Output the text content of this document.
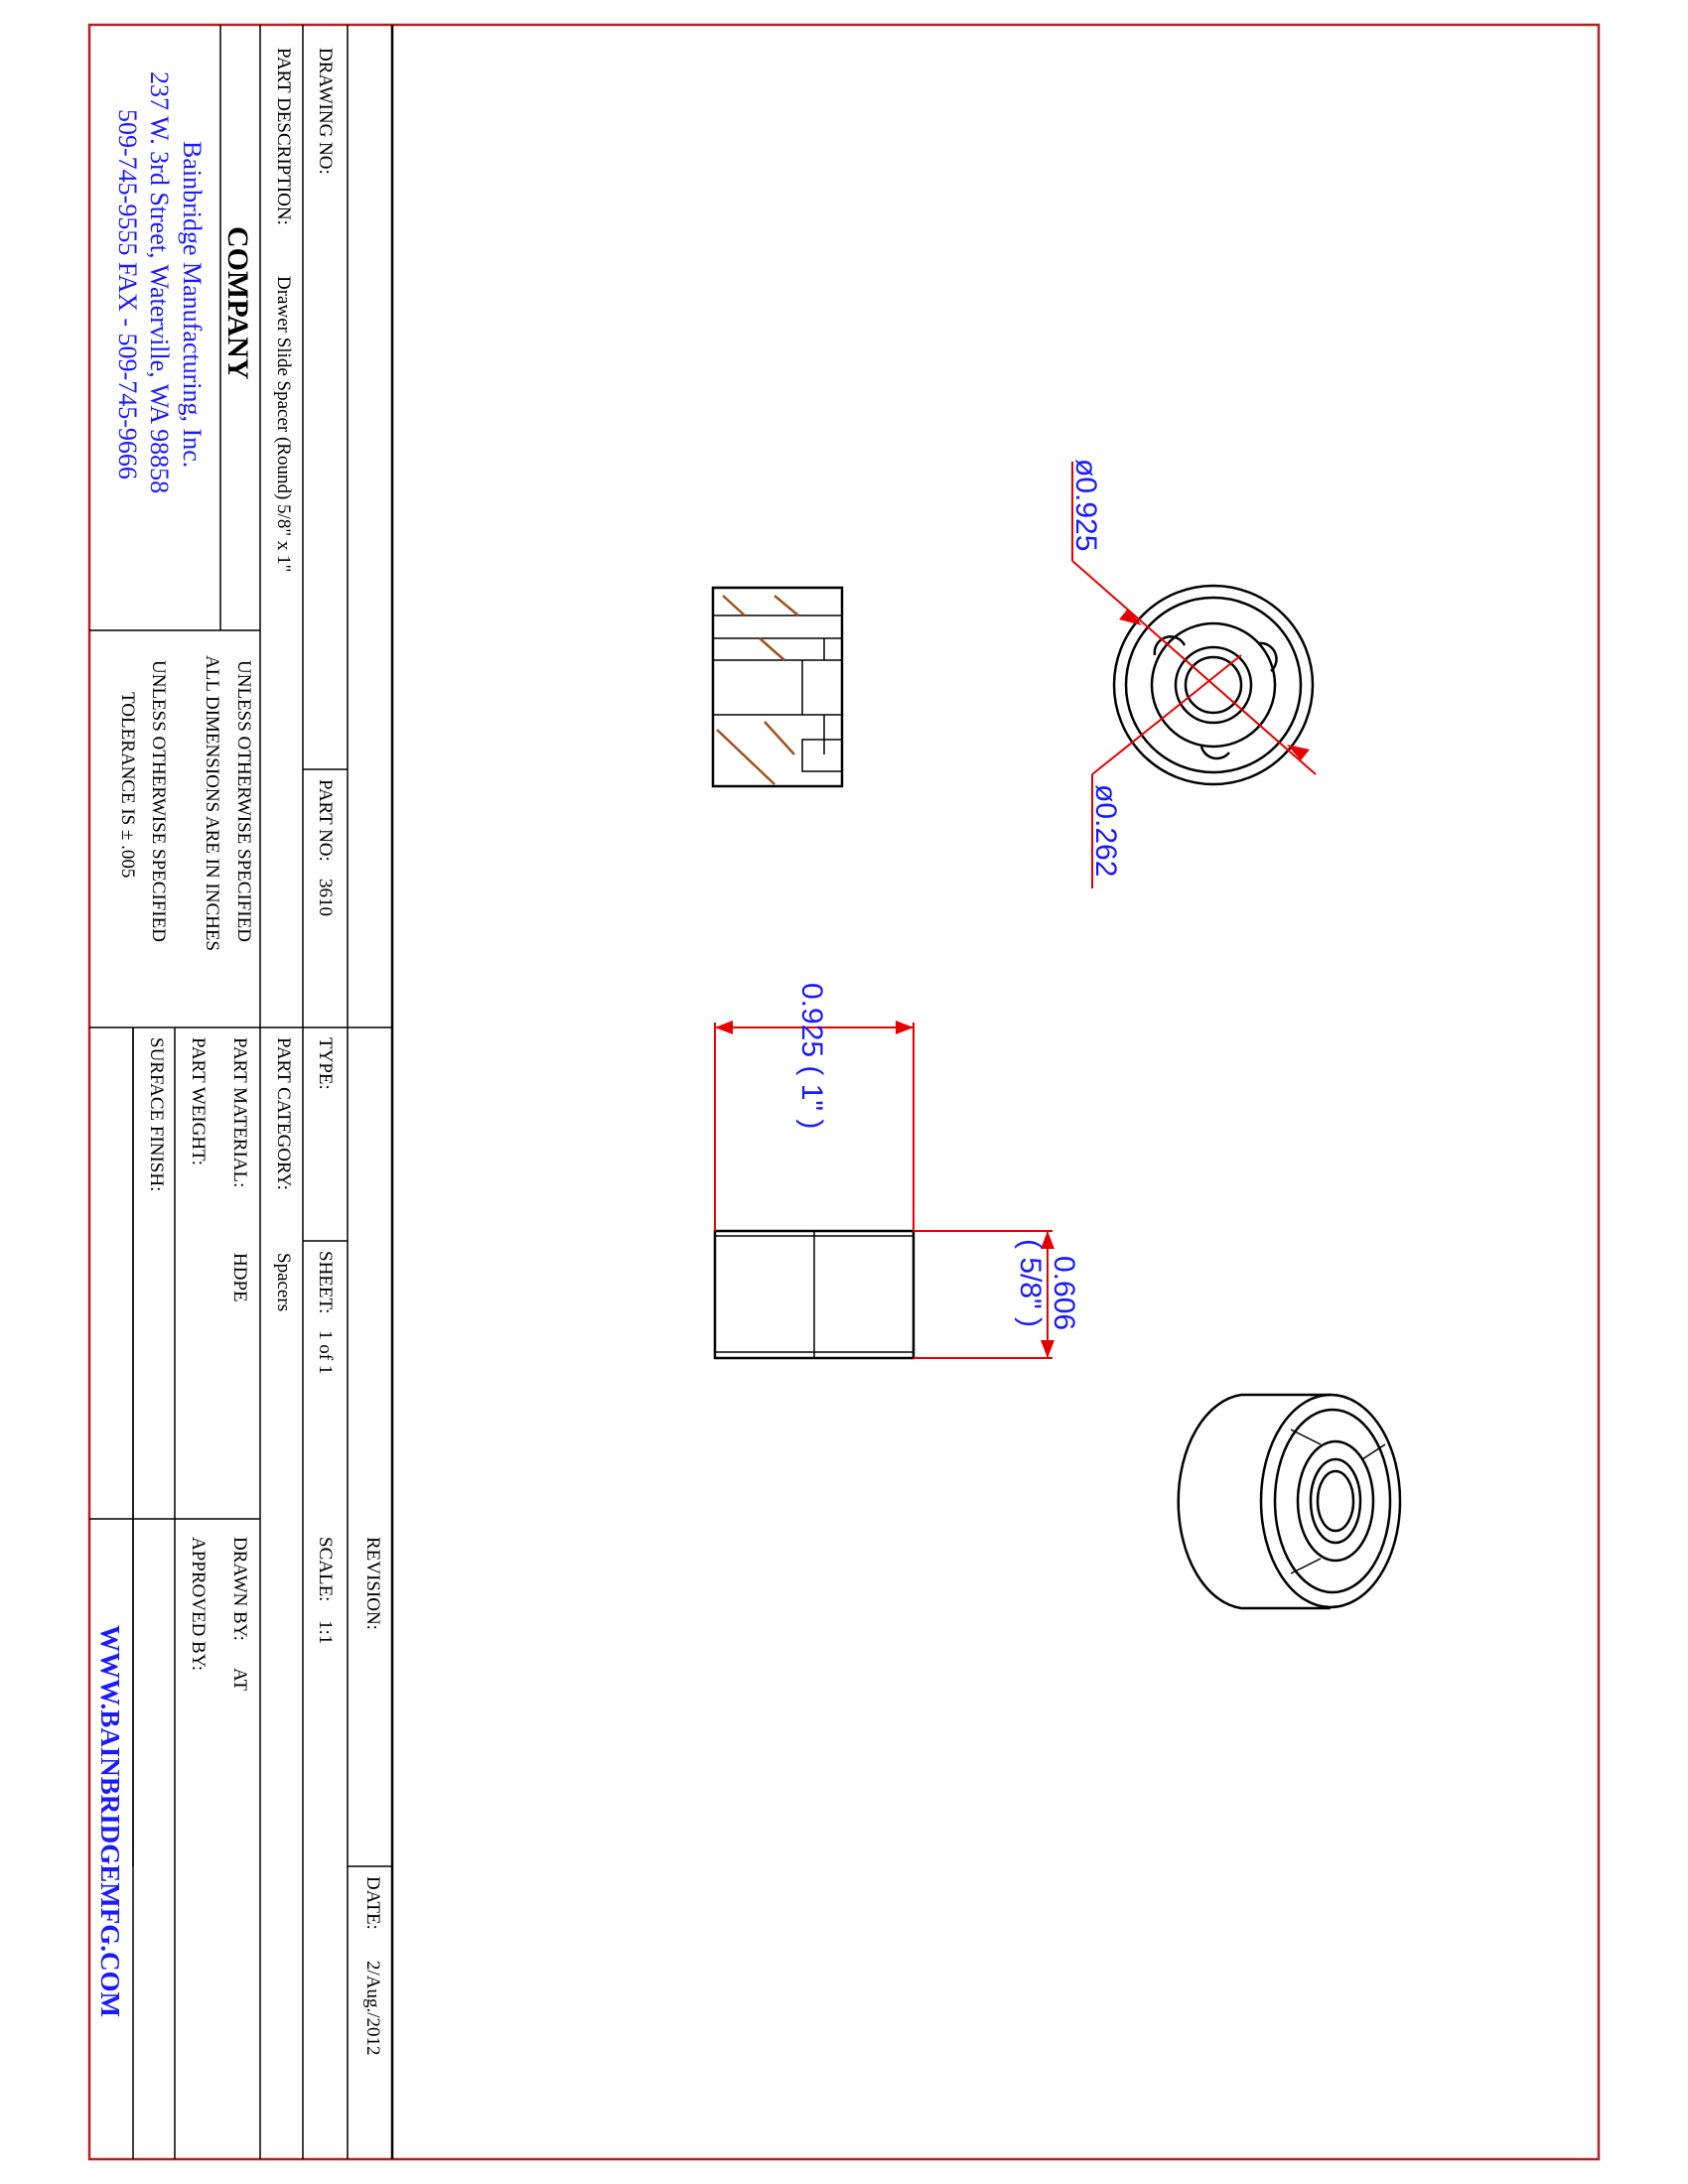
DRAWING NO:
PART DESCRIPTION:
Drawer Slide Spacer (Round) 5/8" x 1"
COMPANY
Bainbridge Manufacturing, Inc.
237 W. 3rd Street, Waterville, WA 98858
509-745-9555 FAX - 509-745-9666
PART NO:
3610
UNLESS OTHERWISE SPECIFIED
ALL DIMENSIONS ARE IN INCHES
UNLESS OTHERWISE SPECIFIED
TOLERANCE IS ± .005
TYPE:
SHEET:
1 of 1
PART CATEGORY:
Spacers
PART MATERIAL:
HDPE
PART WEIGHT:
SURFACE FINISH:
REVISION:
SCALE:
1:1
DRAWN BY:
AT
APPROVED BY:
DATE:
2/Aug./2012
WWW.BAINBRIDGEMFG.COM
ø0.925
ø0.262
0.925 ( 1" )
0.606
( 5/8" )
